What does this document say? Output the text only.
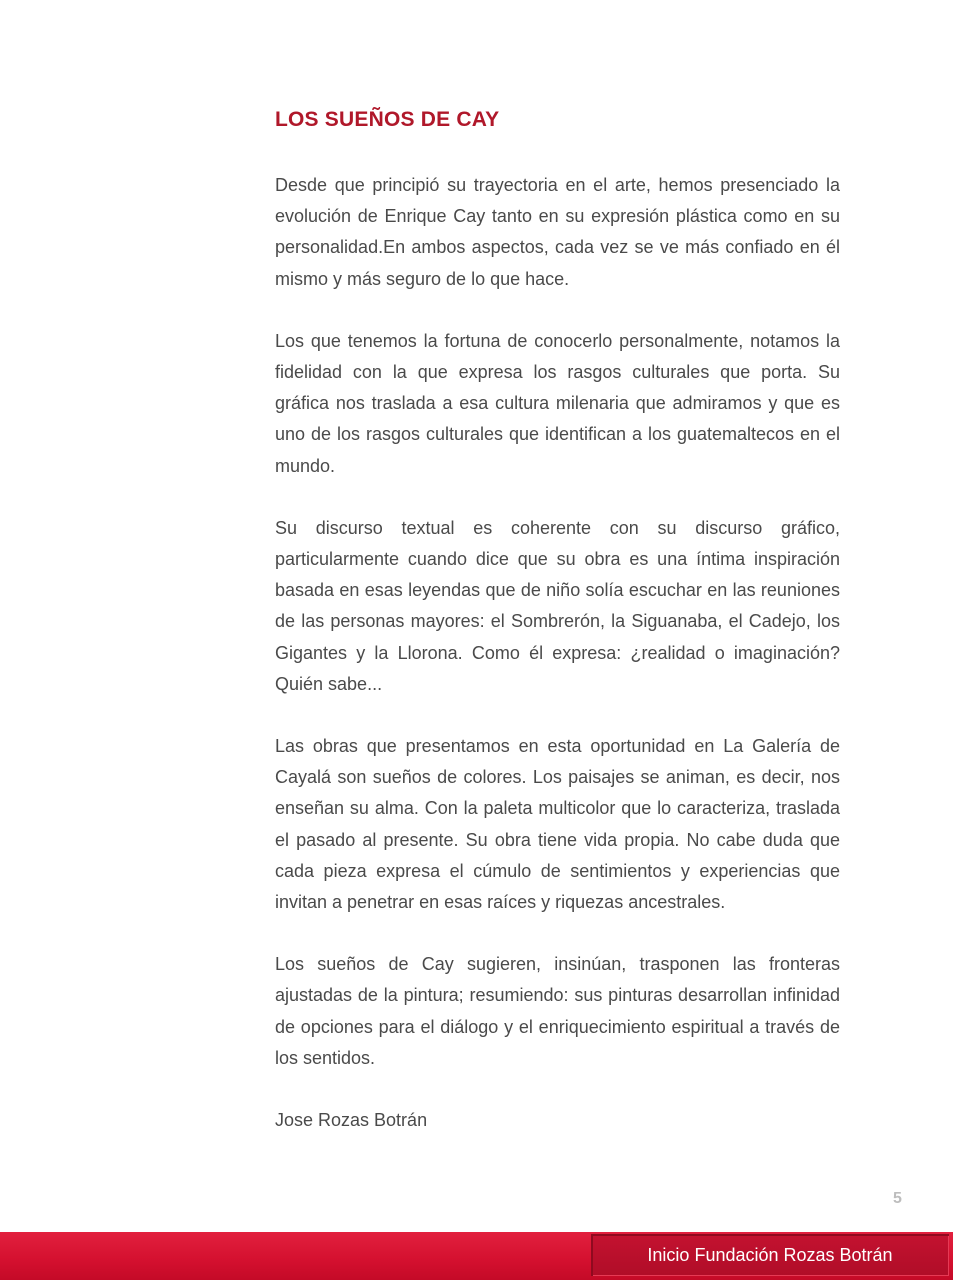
LOS SUEÑOS DE CAY

Desde que principió su trayectoria en el arte, hemos presenciado la evolución de Enrique Cay tanto en su expresión plástica como en su personalidad.En ambos aspectos, cada vez se ve más confiado en él mismo y más seguro de lo que hace.

Los que tenemos la fortuna de conocerlo personalmente, notamos la fidelidad con la que expresa los rasgos culturales que porta. Su gráfica nos traslada a esa cultura milenaria que admiramos y que es uno de los rasgos culturales que identifican a los guatemaltecos en el mundo.

Su discurso textual es coherente con su discurso gráfico, particularmente cuando dice que su obra es una íntima inspiración basada en esas leyendas que de niño solía escuchar en las reuniones de las personas mayores: el Sombrerón, la Siguanaba, el Cadejo, los Gigantes y la Llorona. Como él expresa: ¿realidad o imaginación? Quién sabe...

Las obras que presentamos en esta oportunidad en La Galería de Cayalá son sueños de colores. Los paisajes se animan, es decir, nos enseñan su alma. Con la paleta multicolor que lo caracteriza, traslada el pasado al presente. Su obra tiene vida propia. No cabe duda que cada pieza expresa el cúmulo de sentimientos y experiencias que invitan a penetrar en esas raíces y riquezas ancestrales.

Los sueños de Cay sugieren, insinúan, trasponen las fronteras ajustadas de la pintura; resumiendo: sus pinturas desarrollan infinidad de opciones para el diálogo y el enriquecimiento espiritual a través de los sentidos.

Jose Rozas Botrán

5
Inicio Fundación Rozas Botrán
